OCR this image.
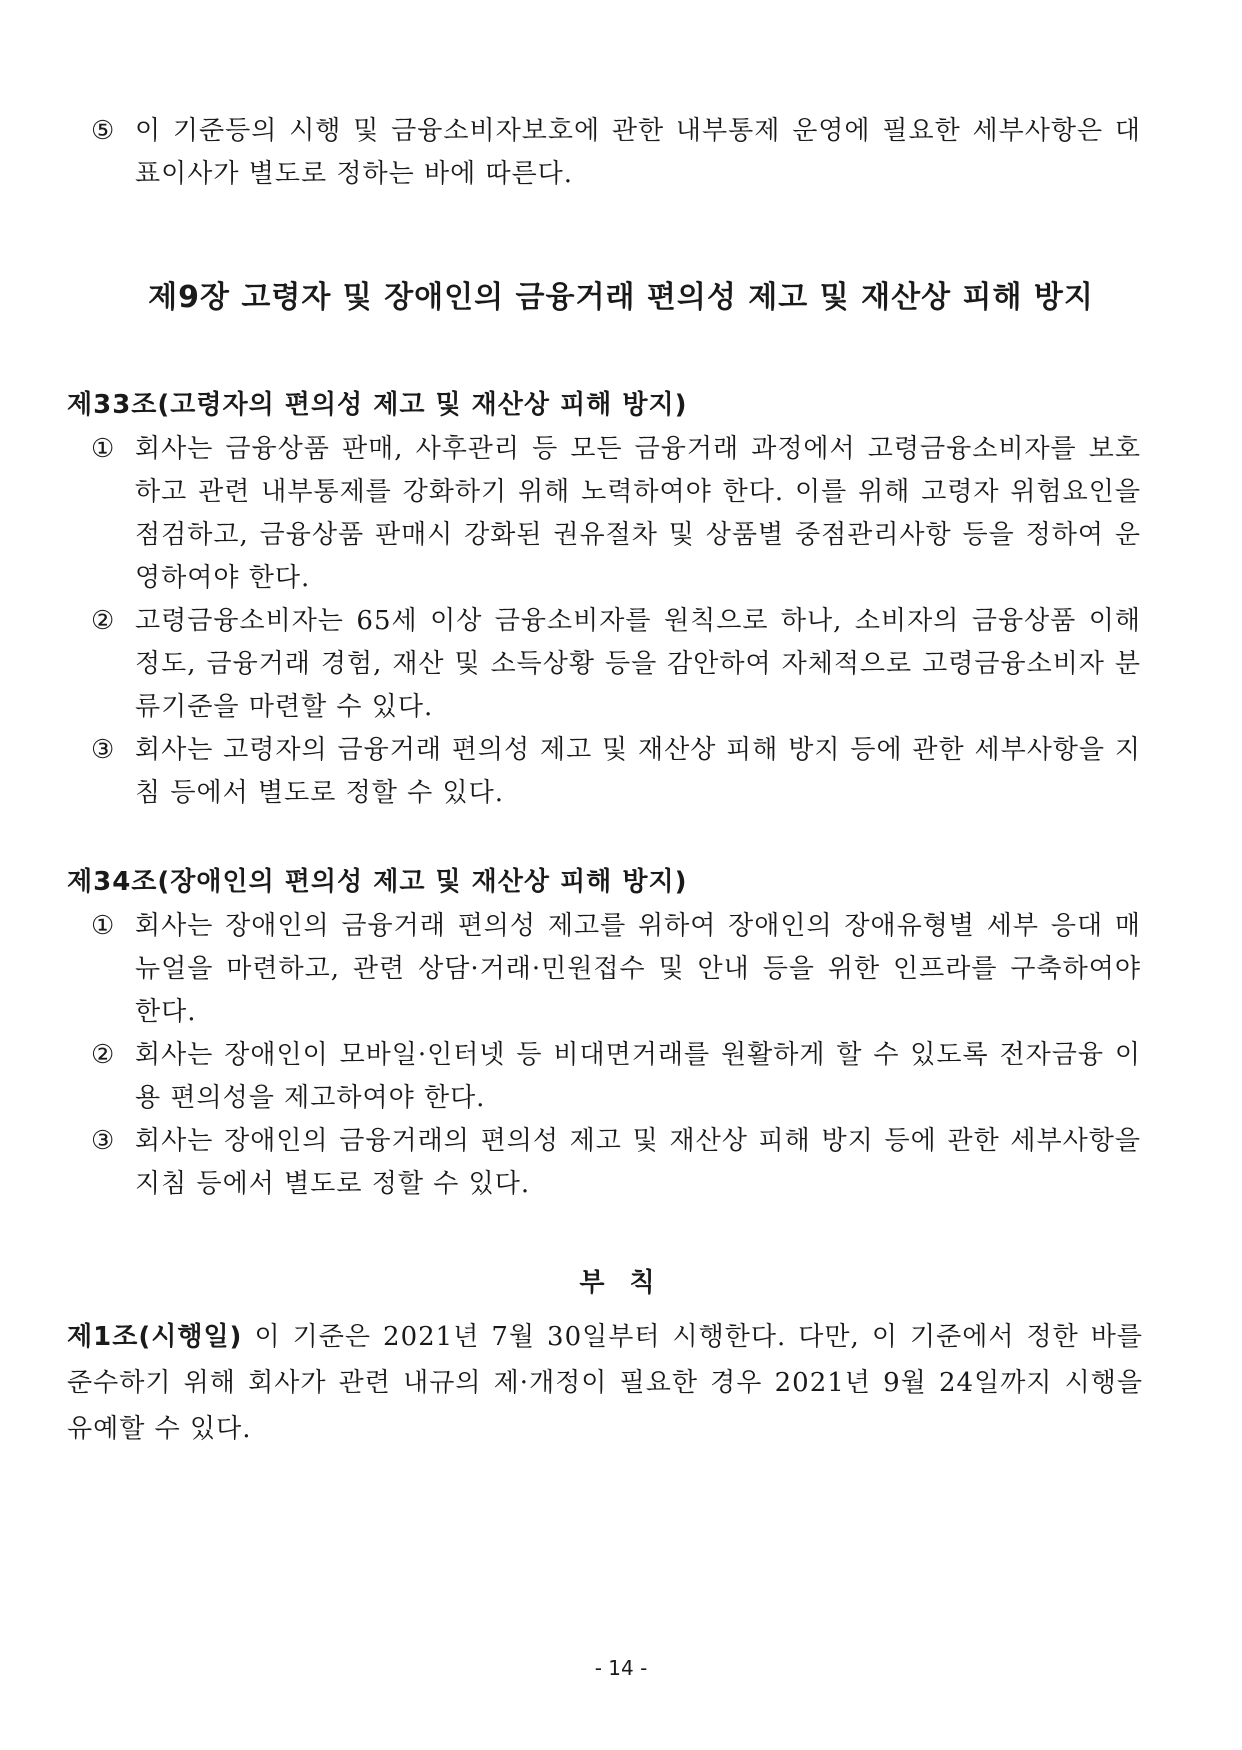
⑤ 이 기준등의 시행 및 금융소비자보호에 관한 내부통제 운영에 필요한 세부사항은 대표이사가 별도로 정하는 바에 따른다.
제9장 고령자 및 장애인의 금융거래 편의성 제고 및 재산상 피해 방지
제33조(고령자의 편의성 제고 및 재산상 피해 방지)
① 회사는 금융상품 판매, 사후관리 등 모든 금융거래 과정에서 고령금융소비자를 보호하고 관련 내부통제를 강화하기 위해 노력하여야 한다. 이를 위해 고령자 위험요인을 점검하고, 금융상품 판매시 강화된 권유절차 및 상품별 중점관리사항 등을 정하여 운영하여야 한다.
② 고령금융소비자는 65세 이상 금융소비자를 원칙으로 하나, 소비자의 금융상품 이해정도, 금융거래 경험, 재산 및 소득상황 등을 감안하여 자체적으로 고령금융소비자 분류기준을 마련할 수 있다.
③ 회사는 고령자의 금융거래 편의성 제고 및 재산상 피해 방지 등에 관한 세부사항을 지침 등에서 별도로 정할 수 있다.
제34조(장애인의 편의성 제고 및 재산상 피해 방지)
① 회사는 장애인의 금융거래 편의성 제고를 위하여 장애인의 장애유형별 세부 응대 매뉴얼을 마련하고, 관련 상담·거래·민원접수 및 안내 등을 위한 인프라를 구축하여야 한다.
② 회사는 장애인이 모바일·인터넷 등 비대면거래를 원활하게 할 수 있도록 전자금융 이용 편의성을 제고하여야 한다.
③ 회사는 장애인의 금융거래의 편의성 제고 및 재산상 피해 방지 등에 관한 세부사항을 지침 등에서 별도로 정할 수 있다.
부 칙
제1조(시행일) 이 기준은 2021년 7월 30일부터 시행한다. 다만, 이 기준에서 정한 바를 준수하기 위해 회사가 관련 내규의 제·개정이 필요한 경우 2021년 9월 24일까지 시행을 유예할 수 있다.
- 14 -
